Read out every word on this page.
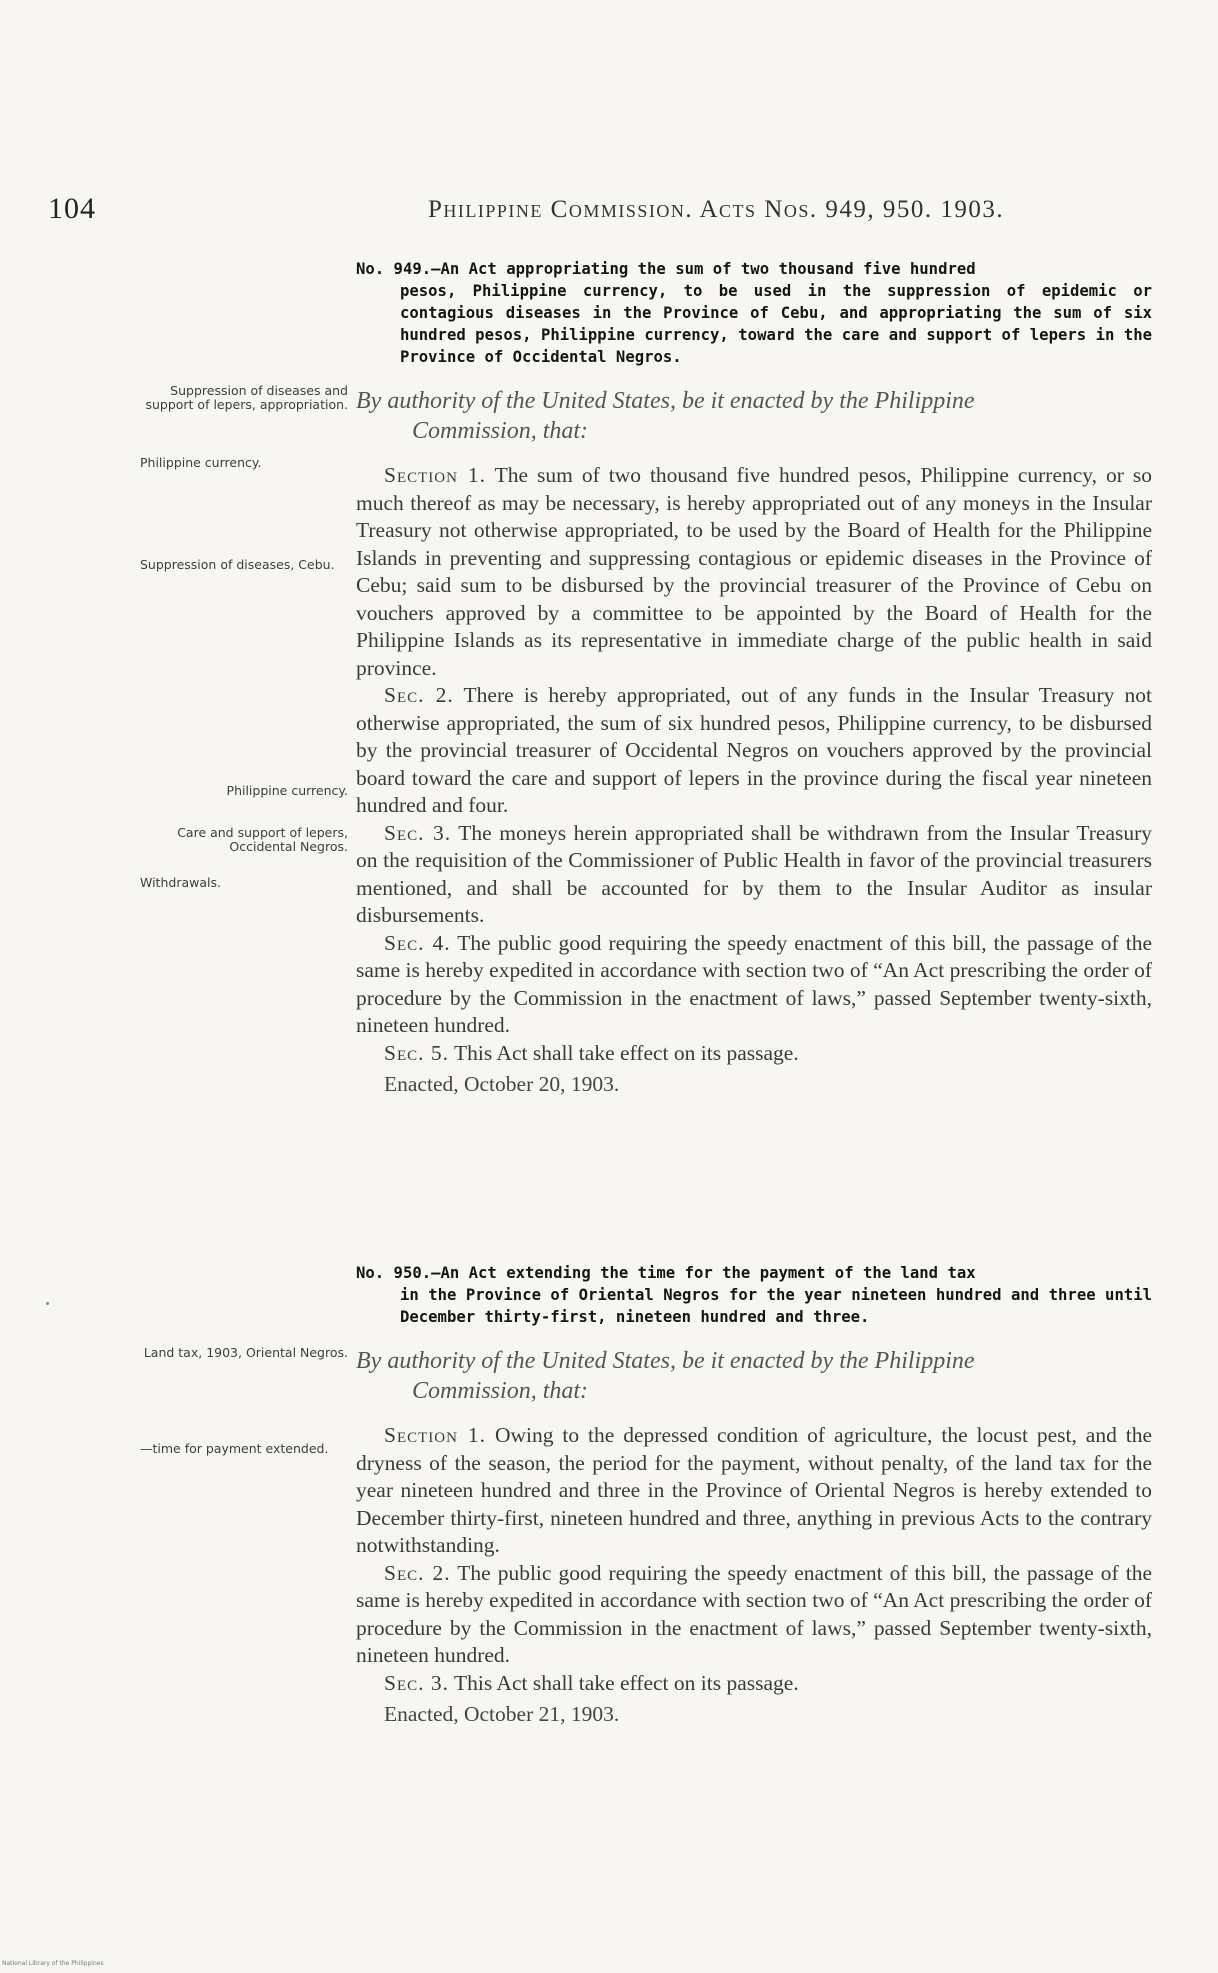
104	Philippine Commission. Acts Nos. 949, 950. 1903.

No. 949.—An Act appropriating the sum of two thousand five hundred
pesos, Philippine currency, to be used in the suppression of epidemic or contagious diseases in the Province of Cebu, and appropriating the sum of six hundred pesos, Philippine currency, toward the care and support of lepers in the Province of Occidental Negros.

By authority of the United States, be it enacted by the Philippine
Commission, that:

Section 1. The sum of two thousand five hundred pesos, Philippine currency, or so much thereof as may be necessary, is hereby appropriated out of any moneys in the Insular Treasury not otherwise appropriated, to be used by the Board of Health for the Philippine Islands in preventing and suppressing contagious or epidemic diseases in the Province of Cebu; said sum to be disbursed by the provincial treasurer of the Province of Cebu on vouchers approved by a committee to be appointed by the Board of Health for the Philippine Islands as its representative in immediate charge of the public health in said province.

Sec. 2. There is hereby appropriated, out of any funds in the Insular Treasury not otherwise appropriated, the sum of six hundred pesos, Philippine currency, to be disbursed by the provincial treasurer of Occidental Negros on vouchers approved by the provincial board toward the care and support of lepers in the province during the fiscal year nineteen hundred and four.

Sec. 3. The moneys herein appropriated shall be withdrawn from the Insular Treasury on the requisition of the Commissioner of Public Health in favor of the provincial treasurers mentioned, and shall be accounted for by them to the Insular Auditor as insular disbursements.

Sec. 4. The public good requiring the speedy enactment of this bill, the passage of the same is hereby expedited in accordance with section two of “An Act prescribing the order of procedure by the Commission in the enactment of laws,” passed September twenty-sixth, nineteen hundred.

Sec. 5. This Act shall take effect on its passage.

Enacted, October 20, 1903.

No. 950.—An Act extending the time for the payment of the land tax
in the Province of Oriental Negros for the year nineteen hundred and three until December thirty-first, nineteen hundred and three.

By authority of the United States, be it enacted by the Philippine
Commission, that:

Section 1. Owing to the depressed condition of agriculture, the locust pest, and the dryness of the season, the period for the payment, without penalty, of the land tax for the year nineteen hundred and three in the Province of Oriental Negros is hereby extended to December thirty-first, nineteen hundred and three, anything in previous Acts to the contrary notwithstanding.

Sec. 2. The public good requiring the speedy enactment of this bill, the passage of the same is hereby expedited in accordance with section two of “An Act prescribing the order of procedure by the Commission in the enactment of laws,” passed September twenty-sixth, nineteen hundred.

Sec. 3. This Act shall take effect on its passage.

Enacted, October 21, 1903.

Suppression of diseases and support of lepers, appropriation.
Philippine currency.
Suppression of diseases, Cebu.
Philippine currency.
Care and support of lepers, Occidental Negros.
Withdrawals.
Land tax, 1903, Oriental Negros.
—time for payment extended.
National Library of the Philippines
